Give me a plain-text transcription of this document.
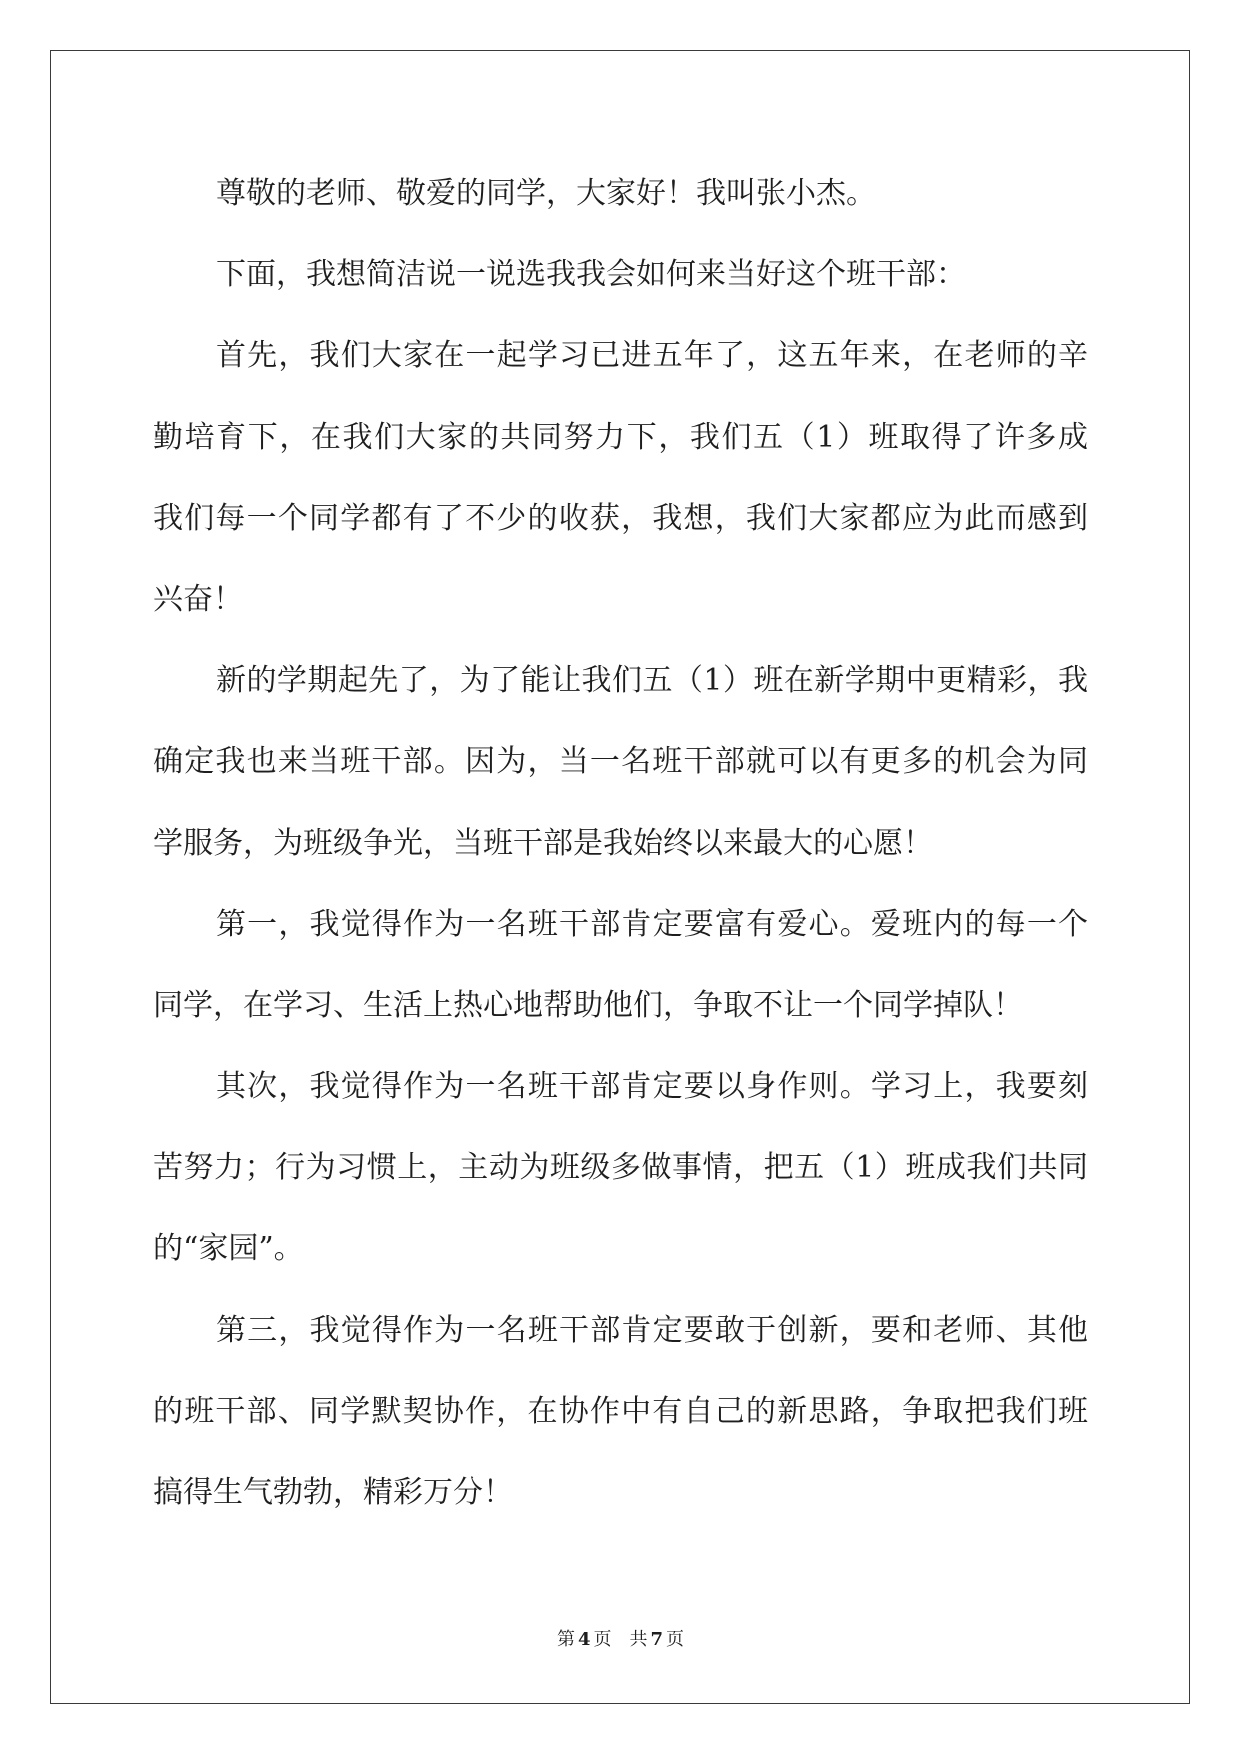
尊敬的老师、敬爱的同学，大家好！我叫张小杰。
下面，我想简洁说一说选我我会如何来当好这个班干部：
首先，我们大家在一起学习已进五年了，这五年来，在老师的辛
勤培育下，在我们大家的共同努力下，我们五（1）班取得了许多成
我们每一个同学都有了不少的收获，我想，我们大家都应为此而感到
兴奋！
新的学期起先了，为了能让我们五（1）班在新学期中更精彩，我
确定我也来当班干部。因为，当一名班干部就可以有更多的机会为同
学服务，为班级争光，当班干部是我始终以来最大的心愿！
第一，我觉得作为一名班干部肯定要富有爱心。爱班内的每一个
同学，在学习、生活上热心地帮助他们，争取不让一个同学掉队！
其次，我觉得作为一名班干部肯定要以身作则。学习上，我要刻
苦努力；行为习惯上，主动为班级多做事情，把五（1）班成我们共同
的“家园”。
第三，我觉得作为一名班干部肯定要敢于创新，要和老师、其他
的班干部、同学默契协作，在协作中有自己的新思路，争取把我们班
搞得生气勃勃，精彩万分！
第 4 页 共 7 页
